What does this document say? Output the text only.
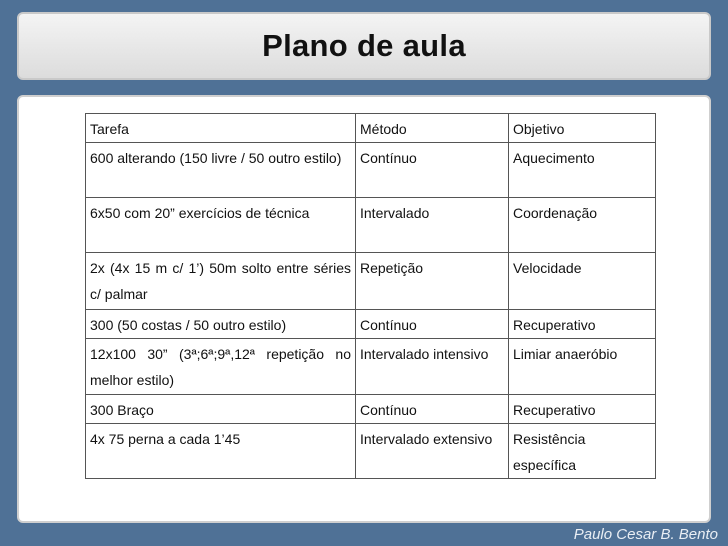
Plano de aula
Tarefa	Método	Objetivo
600 alterando (150 livre / 50 outro estilo)	Contínuo	Aquecimento
6x50 com 20” exercícios de técnica	Intervalado	Coordenação
2x (4x 15 m c/ 1’) 50m solto entre séries c/ palmar	Repetição	Velocidade
300 (50 costas / 50 outro estilo)	Contínuo	Recuperativo
12x100 30” (3ª;6ª;9ª,12ª repetição no melhor estilo)	Intervalado intensivo	Limiar anaeróbio
300 Braço	Contínuo	Recuperativo
4x 75 perna a cada 1’45	Intervalado extensivo	Resistência específica
Paulo Cesar B. Bento
